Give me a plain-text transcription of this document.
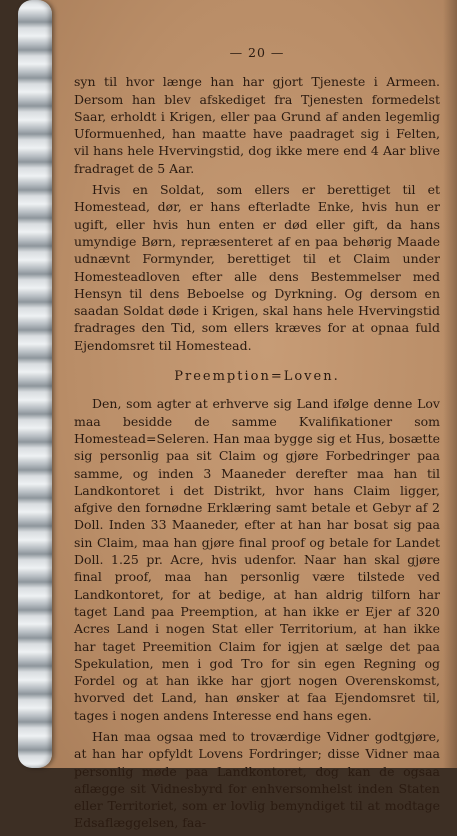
— 20 —

syn til hvor længe han har gjort Tjeneste i Armeen. Dersom han blev afskediget fra Tjenesten formedelst Saar, erholdt i Krigen, eller paa Grund af anden legemlig Uformuenhed, han maatte have paadraget sig i Felten, vil hans hele Hvervingstid, dog ikke mere end 4 Aar blive fradraget de 5 Aar.

Hvis en Soldat, som ellers er berettiget til et Homestead, dør, er hans efterladte Enke, hvis hun er ugift, eller hvis hun enten er død eller gift, da hans umyndige Børn, repræsenteret af en paa behørig Maade udnævnt Formynder, berettiget til et Claim under Homesteadloven efter alle dens Bestemmelser med Hensyn til dens Beboelse og Dyrkning. Og dersom en saadan Soldat døde i Krigen, skal hans hele Hvervingstid fradrages den Tid, som ellers kræves for at opnaa fuld Ejendomsret til Homestead.

Preemption=Loven.

Den, som agter at erhverve sig Land ifølge denne Lov maa besidde de samme Kvalifikationer som Homestead=Seleren. Han maa bygge sig et Hus, bosætte sig personlig paa sit Claim og gjøre Forbedringer paa samme, og inden 3 Maaneder derefter maa han til Landkontoret i det Distrikt, hvor hans Claim ligger, afgive den fornødne Erklæring samt betale et Gebyr af 2 Doll. Inden 33 Maaneder, efter at han har bosat sig paa sin Claim, maa han gjøre final proof og betale for Landet Doll. 1.25 pr. Acre, hvis udenfor. Naar han skal gjøre final proof, maa han personlig være tilstede ved Landkontoret, for at bedige, at han aldrig tilforn har taget Land paa Preemption, at han ikke er Ejer af 320 Acres Land i nogen Stat eller Territorium, at han ikke har taget Preemition Claim for igjen at sælge det paa Spekulation, men i god Tro for sin egen Regning og Fordel og at han ikke har gjort nogen Overenskomst, hvorved det Land, han ønsker at faa Ejendomsret til, tages i nogen andens Interesse end hans egen.

Han maa ogsaa med to troværdige Vidner godtgjøre, at han har opfyldt Lovens Fordringer; disse Vidner maa personlig møde paa Landkontoret, dog kan de ogsaa aflægge sit Vidnesbyrd for enhversomhelst inden Staten eller Territoriet, som er lovlig bemyndiget til at modtage Edsaflæggelsen, faa-
